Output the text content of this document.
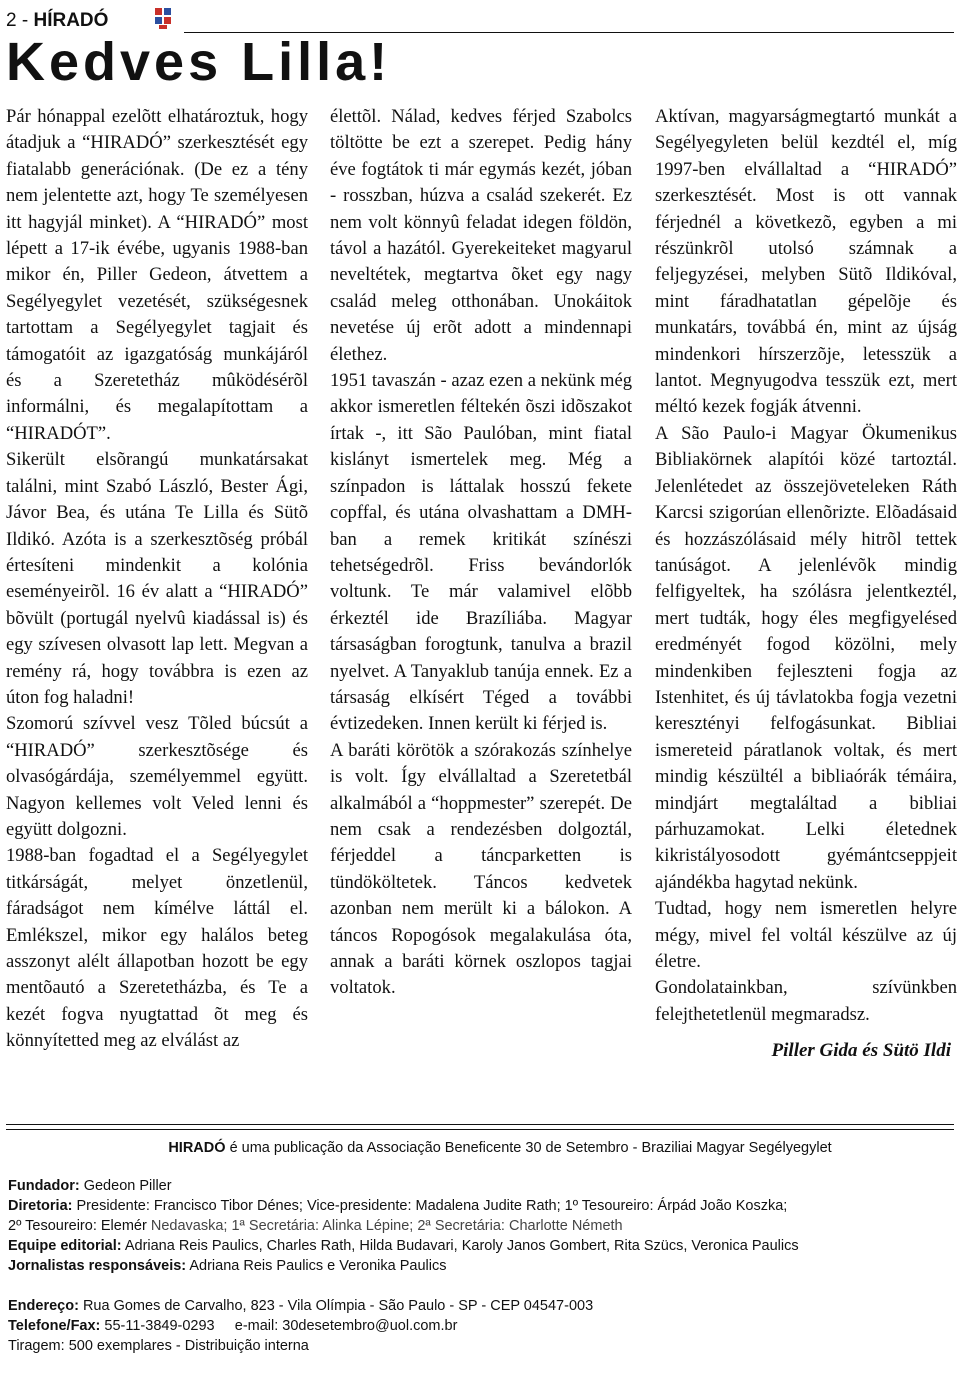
2 - HÍRADÓ
Kedves Lilla!

Pár hónappal ezelõtt elhatároztuk, hogy átadjuk a “HIRADÓ” szerkesztését egy fiatalabb generációnak. (De ez a tény nem jelentette azt, hogy Te személyesen itt hagyjál minket). A “HIRADÓ” most lépett a 17-ik évébe, ugyanis 1988-ban mikor én, Piller Gedeon, átvettem a Segélyegylet vezetését, szükségesnek tartottam a Segélyegylet tagjait és támogatóit az igazgatóság munkájáról és a Szeretetház mûködésérõl informálni, és megalapítottam a “HIRADÓT”.

Sikerült elsõrangú munkatársakat találni, mint Szabó László, Bester Ági, Jávor Bea, és utána Te Lilla és Sütõ Ildikó. Azóta is a szerkesztõség próbál értesíteni mindenkit a kolónia eseményeirõl. 16 év alatt a “HIRADÓ” bõvült (portugál nyelvû kiadással is) és egy szívesen olvasott lap lett. Megvan a remény rá, hogy továbbra is ezen az úton fog haladni!

Szomorú szívvel vesz Tõled búcsút a “HIRADÓ” szerkesztõsége és olvasógárdája, személyemmel együtt. Nagyon kellemes volt Veled lenni és együtt dolgozni.

1988-ban fogadtad el a Segélyegylet titkárságát, melyet önzetlenül, fáradságot nem kímélve láttál el. Emlékszel, mikor egy halálos beteg asszonyt alélt állapotban hozott be egy mentõautó a Szeretetházba, és Te a kezét fogva nyugtattad õt meg és könnyítetted meg az elválást az

élettõl. Nálad, kedves férjed Szabolcs töltötte be ezt a szerepet. Pedig hány éve fogtátok ti már egymás kezét, jóban - rosszban, húzva a család szekerét. Ez nem volt könnyû feladat idegen földön, távol a hazától. Gyerekeiteket magyarul neveltétek, megtartva õket egy nagy család meleg otthonában. Unokáitok nevetése új erõt adott a mindennapi élethez.

1951 tavaszán - azaz ezen a nekünk még akkor ismeretlen féltekén õszi idõszakot írtak -, itt São Paulóban, mint fiatal kislányt ismertelek meg. Még a színpadon is láttalak hosszú fekete copffal, és utána olvashattam a DMH-ban a remek kritikát színészi tehetségedrõl. Friss bevándorlók voltunk. Te már valamivel elõbb érkeztél ide Brazíliába. Magyar társaságban forogtunk, tanulva a brazil nyelvet. A Tanyaklub tanúja ennek. Ez a társaság elkísért Téged a további évtizedeken. Innen került ki férjed is.

A baráti körötök a szórakozás színhelye is volt. Így elvállaltad a Szeretetbál alkalmából a “hoppmester” szerepét. De nem csak a rendezésben dolgoztál, férjeddel a táncparketten is tündököltetek. Táncos kedvetek azonban nem merült ki a bálokon. A táncos Ropogósok megalakulása óta, annak a baráti körnek oszlopos tagjai voltatok.

Aktívan, magyarságmegtartó munkát a Segélyegyleten belül kezdtél el, míg 1997-ben elvállaltad a “HIRADÓ” szerkesztését. Most is ott vannak férjednél a következõ, egyben a mi részünkrõl utolsó számnak a feljegyzései, melyben Sütõ Ildikóval, mint fáradhatatlan gépelõje és munkatárs, továbbá én, mint az újság mindenkori hírszerzõje, letesszük a lantot. Megnyugodva tesszük ezt, mert méltó kezek fogják átvenni.

A São Paulo-i Magyar Ökumenikus Bibliakörnek alapítói közé tartoztál. Jelenlétedet az összejöveteleken Ráth Karcsi szigorúan ellenõrizte. Elõadásaid és hozzászólásaid mély hitrõl tettek tanúságot. A jelenlévõk mindig felfigyeltek, ha szólásra jelentkeztél, mert tudták, hogy éles megfigyelésed eredményét fogod közölni, mely mindenkiben fejleszteni fogja az Istenhitet, és új távlatokba fogja vezetni keresztényi felfogásunkat. Bibliai ismereteid páratlanok voltak, és mert mindig készültél a bibliaórák témáira, mindjárt megtaláltad a bibliai párhuzamokat. Lelki életednek kikristályosodott gyémántcseppjeit ajándékba hagytad nekünk.

Tudtad, hogy nem ismeretlen helyre mégy, mivel fel voltál készülve az új életre.

Gondolatainkban, szívünkben felejthetetlenül megmaradsz.

Piller Gida és Sütö Ildi
HIRADÓ é uma publicação da Associação Beneficente 30 de Setembro - Braziliai Magyar Segélyegylet
Fundador: Gedeon Piller
Diretoria: Presidente: Francisco Tibor Dénes; Vice-presidente: Madalena Judite Rath; 1º Tesoureiro: Árpád João Koszka;
2º Tesoureiro: Elemér Nedavaska; 1ª Secretária: Alinka Lépine; 2ª Secretária: Charlotte Németh
Equipe editorial: Adriana Reis Paulics, Charles Rath, Hilda Budavari, Karoly Janos Gombert, Rita Szücs, Veronica Paulics
Jornalistas responsáveis: Adriana Reis Paulics e Veronika Paulics
Endereço: Rua Gomes de Carvalho, 823 - Vila Olímpia - São Paulo - SP - CEP 04547-003
Telefone/Fax: 55-11-3849-0293 e-mail: 30desetembro@uol.com.br
Tiragem: 500 exemplares - Distribuição interna
